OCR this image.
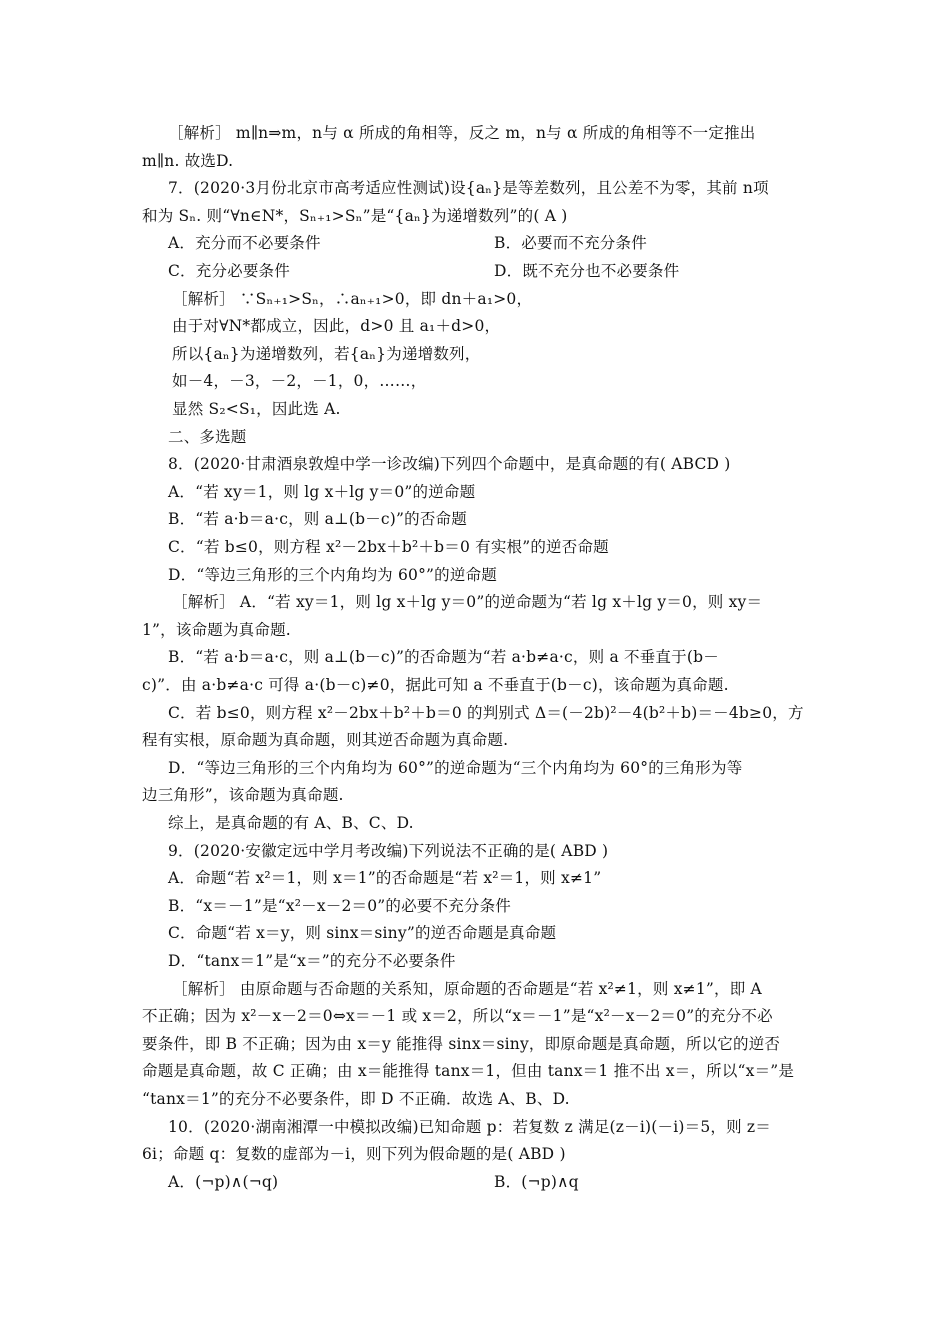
［解析］ m∥n⇒m，n与 α 所成的角相等，反之 m，n与 α 所成的角相等不一定推出
m∥n. 故选D.
7．(2020·3月份北京市高考适应性测试)设{aₙ}是等差数列，且公差不为零，其前 n项
和为 Sₙ. 则“∀n∈N*，Sₙ₊₁>Sₙ”是“{aₙ}为递增数列”的( A )
A．充分而不必要条件	B．必要而不充分条件
C．充分必要条件	D．既不充分也不必要条件
［解析］ ∵Sₙ₊₁>Sₙ，∴aₙ₊₁>0，即 dn＋a₁>0，
由于对∀N*都成立，因此，d>0 且 a₁＋d>0，
所以{aₙ}为递增数列，若{aₙ}为递增数列，
如－4，－3，－2，－1，0，……，
显然 S₂<S₁，因此选 A.
二、多选题
8．(2020·甘肃酒泉敦煌中学一诊改编)下列四个命题中，是真命题的有( ABCD )
A．“若 xy＝1，则 lg x＋lg y＝0”的逆命题
B．“若 a·b＝a·c，则 a⊥(b－c)”的否命题
C．“若 b≤0，则方程 x²－2bx＋b²＋b＝0 有实根”的逆否命题
D．“等边三角形的三个内角均为 60°”的逆命题
［解析］ A．“若 xy＝1，则 lg x＋lg y＝0”的逆命题为“若 lg x＋lg y＝0，则 xy＝
1”，该命题为真命题.
B．“若 a·b＝a·c，则 a⊥(b－c)”的否命题为“若 a·b≠a·c，则 a 不垂直于(b－
c)”．由 a·b≠a·c 可得 a·(b－c)≠0，据此可知 a 不垂直于(b－c)，该命题为真命题.
C．若 b≤0，则方程 x²－2bx＋b²＋b＝0 的判别式 Δ＝(－2b)²－4(b²＋b)＝－4b≥0，方
程有实根，原命题为真命题，则其逆否命题为真命题.
D．“等边三角形的三个内角均为 60°”的逆命题为“三个内角均为 60°的三角形为等
边三角形”，该命题为真命题.
综上，是真命题的有 A、B、C、D.
9．(2020·安徽定远中学月考改编)下列说法不正确的是( ABD )
A．命题“若 x²＝1，则 x＝1”的否命题是“若 x²＝1，则 x≠1”
B．“x＝－1”是“x²－x－2＝0”的必要不充分条件
C．命题“若 x＝y，则 sinx＝siny”的逆否命题是真命题
D．“tanx＝1”是“x＝”的充分不必要条件
［解析］ 由原命题与否命题的关系知，原命题的否命题是“若 x²≠1，则 x≠1”，即 A
不正确；因为 x²－x－2＝0⇔x＝－1 或 x＝2，所以“x＝－1”是“x²－x－2＝0”的充分不必
要条件，即 B 不正确；因为由 x＝y 能推得 sinx＝siny，即原命题是真命题，所以它的逆否
命题是真命题，故 C 正确；由 x＝能推得 tanx＝1，但由 tanx＝1 推不出 x＝，所以“x＝”是
“tanx＝1”的充分不必要条件，即 D 不正确．故选 A、B、D.
10．(2020·湖南湘潭一中模拟改编)已知命题 p：若复数 z 满足(z－i)(－i)＝5，则 z＝
6i；命题 q：复数的虚部为－i，则下列为假命题的是( ABD )
A．(¬p)∧(¬q)	B．(¬p)∧q
